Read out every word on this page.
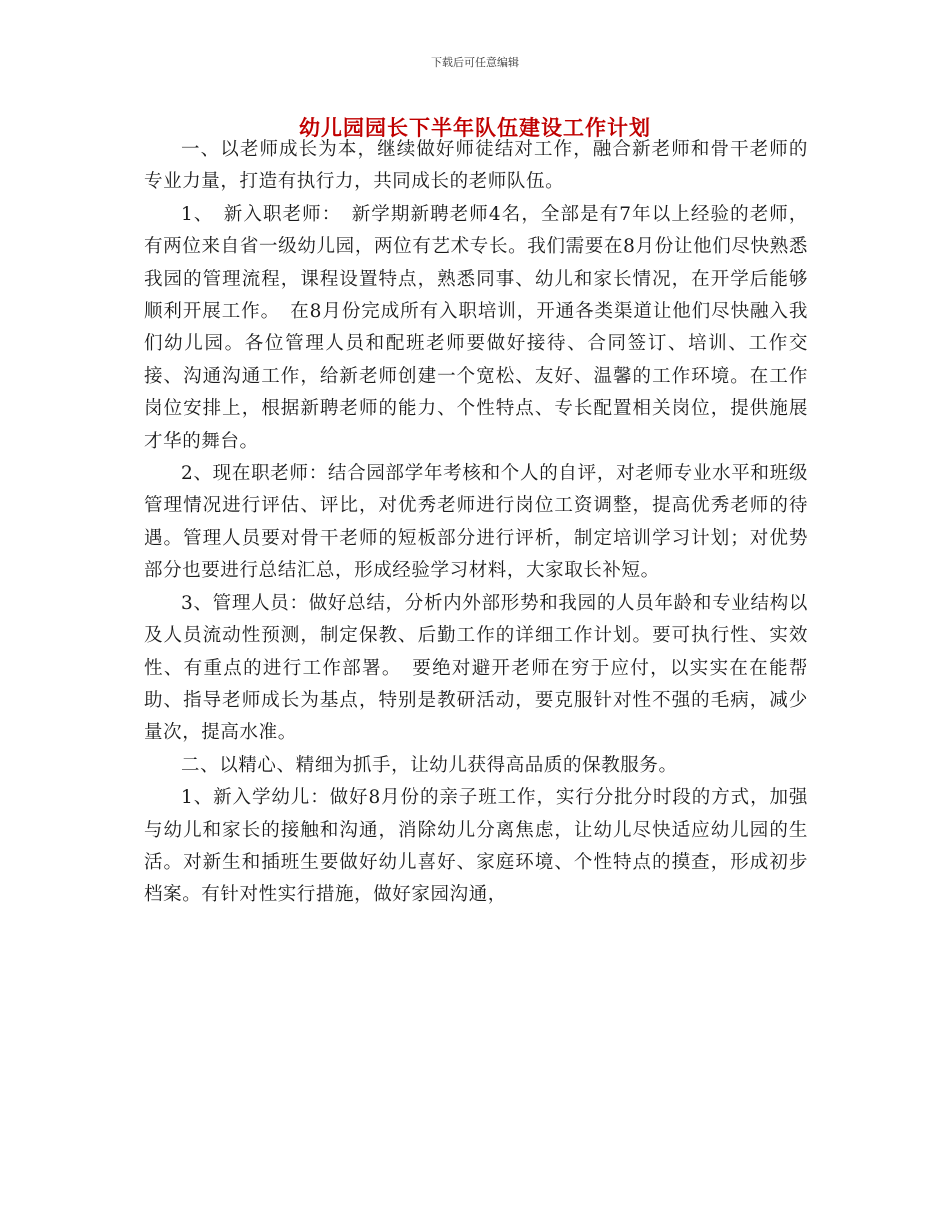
下载后可任意编辑
幼儿园园长下半年队伍建设工作计划

一、以老师成长为本，继续做好师徒结对工作，融合新老师和骨干老师的专业力量，打造有执行力，共同成长的老师队伍。

1、　新入职老师：　新学期新聘老师4名，全部是有7年以上经验的老师，有两位来自省一级幼儿园，两位有艺术专长。我们需要在8月份让他们尽快熟悉我园的管理流程，课程设置特点，熟悉同事、幼儿和家长情况，在开学后能够顺利开展工作。　在8月份完成所有入职培训，开通各类渠道让他们尽快融入我们幼儿园。各位管理人员和配班老师要做好接待、合同签订、培训、工作交接、沟通沟通工作，给新老师创建一个宽松、友好、温馨的工作环境。在工作岗位安排上，根据新聘老师的能力、个性特点、专长配置相关岗位，提供施展才华的舞台。

2、现在职老师：结合园部学年考核和个人的自评，对老师专业水平和班级管理情况进行评估、评比，对优秀老师进行岗位工资调整，提高优秀老师的待遇。管理人员要对骨干老师的短板部分进行评析，制定培训学习计划；对优势部分也要进行总结汇总，形成经验学习材料，大家取长补短。

3、管理人员：做好总结，分析内外部形势和我园的人员年龄和专业结构以及人员流动性预测，制定保教、后勤工作的详细工作计划。要可执行性、实效性、有重点的进行工作部署。　要绝对避开老师在穷于应付，以实实在在能帮助、指导老师成长为基点，特别是教研活动，要克服针对性不强的毛病，减少量次，提高水准。

二、以精心、精细为抓手，让幼儿获得高品质的保教服务。

1、新入学幼儿：做好8月份的亲子班工作，实行分批分时段的方式，加强与幼儿和家长的接触和沟通，消除幼儿分离焦虑，让幼儿尽快适应幼儿园的生活。对新生和插班生要做好幼儿喜好、家庭环境、个性特点的摸查，形成初步档案。有针对性实行措施，做好家园沟通，
